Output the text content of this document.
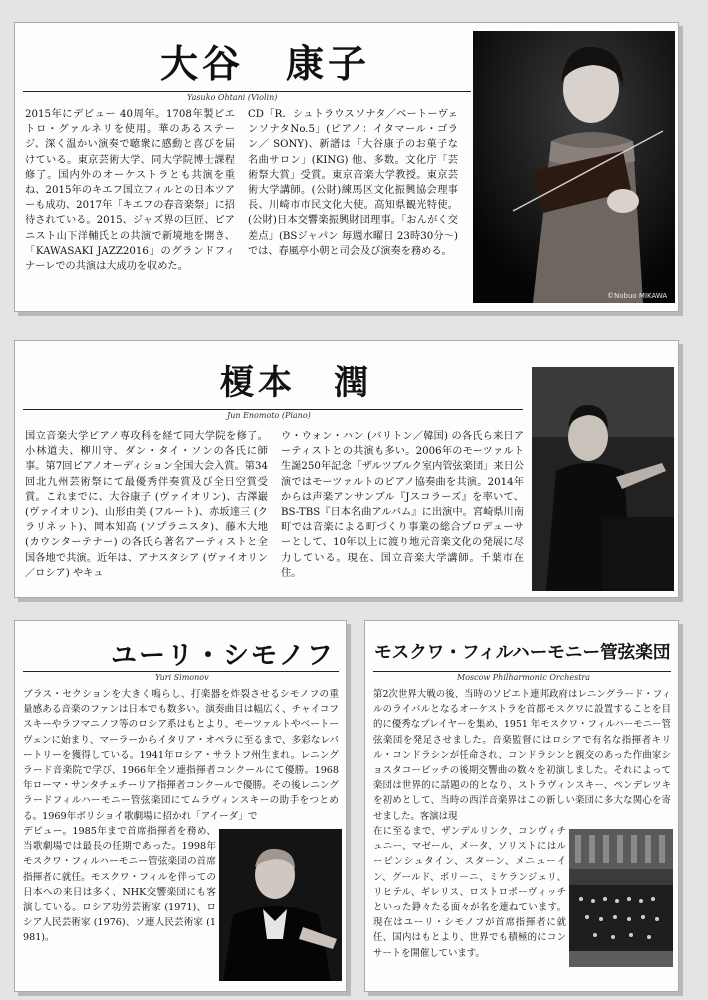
大谷　康子
Yasuko Ohtani (Violin)
2015年にデビュー 40周年。1708年製ピエトロ・グァルネリを使用。華のあるステージ、深く温かい演奏で聴衆に感動と喜びを届けている。東京芸術大学、同大学院博士課程修了。国内外のオーケストラとも共演を重ね、2015年のキエフ国立フィルとの日本ツアーも成功、2017年「キエフの春音楽祭」に招待されている。2015、ジャズ界の巨匠、ピアニスト山下洋輔氏との共演で新境地を開き、「KAWASAKI JAZZ2016」のグランドフィナーレでの共演は大成功を収めた。
CD「R．シュトラウスソナタ／ベートーヴェンソナタNo.5」(ピアノ：イタマール・ゴラン／ SONY)、新譜は「大谷康子のお菓子な名曲サロン」(KING) 他、多数。文化庁「芸術祭大賞」受賞。東京音楽大学教授。東京芸術大学講師。(公財)練馬区文化振興協会理事長、川崎市市民文化大使。高知県観光特使。(公財)日本交響楽振興財団理事。「おんがく交差点」(BSジャパン 毎週水曜日 23時30分～) では、春風亭小朝と司会及び演奏を務める。
©Nobuo MIKAWA
榎本　潤
Jun Enomoto (Piano)
国立音楽大学ピアノ専攻科を経て同大学院を修了。小林道夫、柳川守、ダン・タイ・ソンの各氏に師事。第7回ピアノオーディション全国大会入賞。第34回北九州芸術祭にて最優秀伴奏賞及び全日空賞受賞。これまでに、大谷康子 (ヴァイオリン)、古澤巌 (ヴァイオリン)、山形由美 (フルート)、赤坂達三 (クラリネット)、岡本知高 (ソプラニスタ)、藤木大地 (カウンターテナー) の各氏ら著名アーティストと全国各地で共演。近年は、アナスタシア (ヴァイオリン／ロシア) やキュ
ウ・ウォン・ハン (バリトン／韓国) の各氏ら来日アーティストとの共演も多い。2006年のモーツァルト生誕250年記念「ザルツブルク室内管弦楽団」来日公演ではモーツァルトのピアノ協奏曲を共演。2014年からは声楽アンサンブル『Jスコラーズ』を率いて、BS-TBS『日本名曲アルバム』に出演中。宮崎県川南町では音楽による町づくり事業の総合プロデューサーとして、10年以上に渡り地元音楽文化の発展に尽力している。現在、国立音楽大学講師。千葉市在住。
ユーリ・シモノフ
Yuri Simonov
ブラス・セクションを大きく鳴らし、打楽器を炸裂させるシモノフの重量感ある音楽のファンは日本でも数多い。演奏曲目は幅広く、チャイコフスキーやラフマニノフ等のロシア系はもとより、モーツァルトやベートーヴェンに始まり、マーラーからイタリア・オペラに至るまで、多彩なレパートリーを獲得している。1941年ロシア・サラトフ州生まれ。レニングラード音楽院で学び、1966年全ソ連指揮者コンクールにて優勝。1968年ローマ・サンタチェチーリア指揮者コンクールで優勝。その後レニングラードフィルハーモニー管弦楽団にてムラヴィンスキーの助手をつとめる。1969年ボリショイ歌劇場に招かれ「アイーダ」で
デビュー。1985年まで首席指揮者を務め、当歌劇場では最長の任期であった。1998年モスクワ・フィルハーモニー管弦楽団の首席指揮者に就任。モスクワ・フィルを伴っての日本への来日は多く、NHK交響楽団にも客演している。ロシア功労芸術家 (1971)、ロシア人民芸術家 (1976)、ソ連人民芸術家 (1981)。
モスクワ・フィルハーモニー管弦楽団
Moscow Philharmonic Orchestra
第2次世界大戦の後、当時のソビエト連邦政府はレニングラード・フィルのライバルとなるオーケストラを首都モスクワに設置することを目的に優秀なプレイヤーを集め、1951 年モスクワ・フィルハーモニー管弦楽団を発足させました。音楽監督にはロシアで有名な指揮者キリル・コンドラシンが任命され、コンドラシンと親交のあった作曲家ショスタコービッチの後期交響曲の数々を初演しました。それによって楽団は世界的に話題の的となり、ストラヴィンスキー、ペンデレツキを初めとして、当時の西洋音楽界はこの新しい楽団に多大な関心を寄せました。客演は現
在に至るまで、ザンデルリンク、コンヴィチュニー、マゼール、メータ、ソリストにはルービンシュタイン、スターン、メニューイン、グールド、ポリーニ、ミケランジェリ、リヒテル、ギレリス、ロストロポーヴィッチといった錚々たる面々が名を連ねています。現在はユーリ・シモノフが首席指揮者に就任、国内はもとより、世界でも積極的にコンサートを開催しています。
